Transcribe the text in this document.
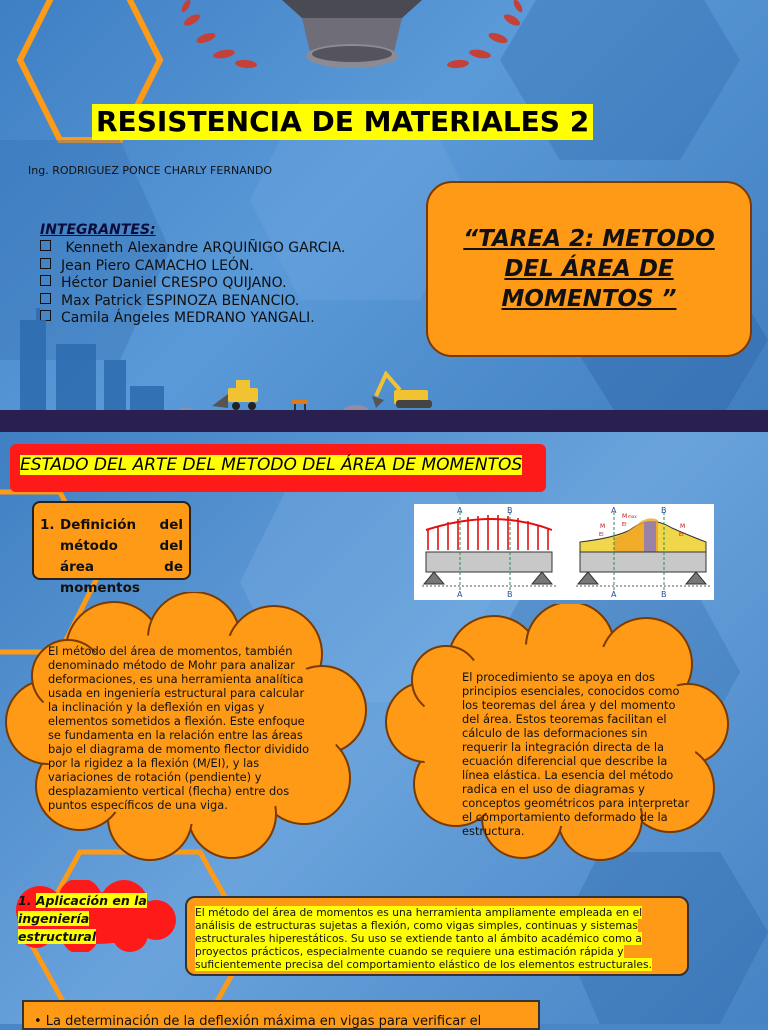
RESISTENCIA DE MATERIALES 2
Ing. RODRIGUEZ PONCE CHARLY FERNANDO
INTEGRANTES:
Kenneth Alexandre ARQUIÑIGO GARCIA.
Jean Piero CAMACHO LEÓN.
Héctor Daniel CRESPO QUIJANO.
Max Patrick ESPINOZA BENANCIO.
Camila Ángeles MEDRANO YANGALI.
“TAREA 2: METODO DEL ÁREA DE MOMENTOS ”
ESTADO DEL ARTE DEL METODO DEL ÁREA DE MOMENTOS
1. Definición del
método del
área de
momentos
A	B
A	B
A	B
A	B
M
EI
M max
EI	M
EI
El método del área de momentos, también denominado método de Mohr para analizar deformaciones, es una herramienta analítica usada en ingeniería estructural para calcular la inclinación y la deflexión en vigas y elementos sometidos a flexión. Este enfoque se fundamenta en la relación entre las áreas bajo el diagrama de momento flector dividido por la rigidez a la flexión (M/EI), y las variaciones de rotación (pendiente) y desplazamiento vertical (flecha) entre dos puntos específicos de una viga.
El procedimiento se apoya en dos principios esenciales, conocidos como los teoremas del área y del momento del área. Estos teoremas facilitan el cálculo de las deformaciones sin requerir la integración directa de la ecuación diferencial que describe la línea elástica. La esencia del método radica en el uso de diagramas y conceptos geométricos para interpretar el comportamiento deformado de la estructura.
1. Aplicación en la ingeniería estructural
El método del área de momentos es una herramienta ampliamente empleada en el análisis de estructuras sujetas a flexión, como vigas simples, continuas y sistemas estructurales hiperestáticos. Su uso se extiende tanto al ámbito académico como a proyectos prácticos, especialmente cuando se requiere una estimación rápida y suficientemente precisa del comportamiento elástico de los elementos estructurales.
• La determinación de la deflexión máxima en vigas para verificar el
